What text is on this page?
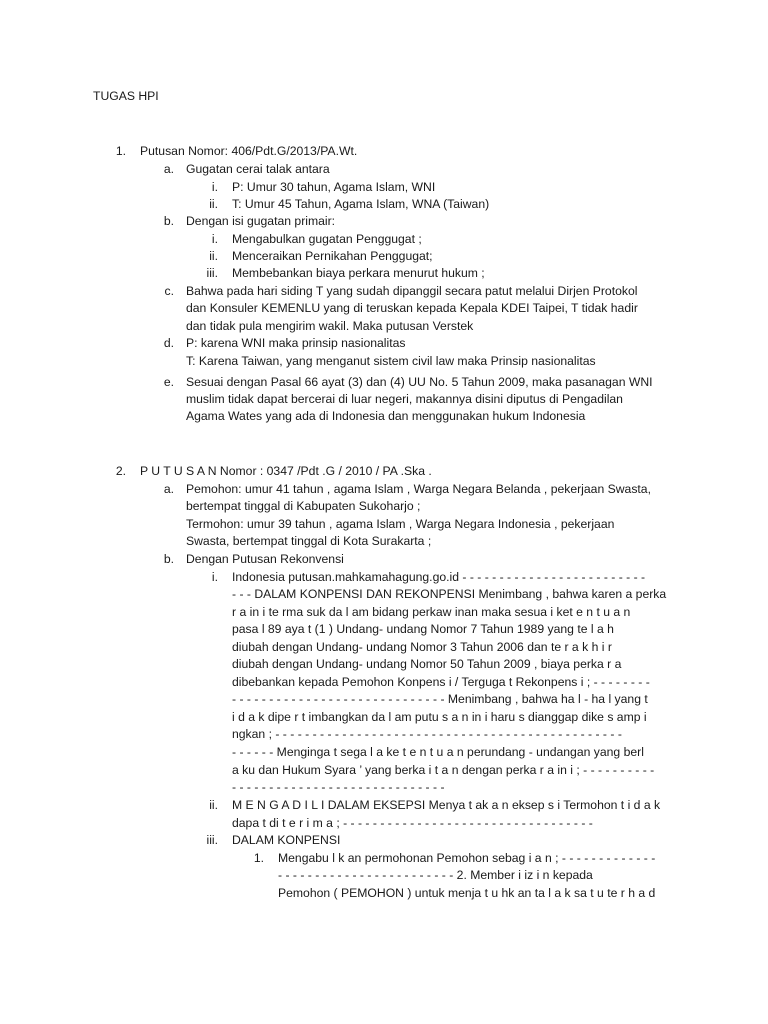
TUGAS HPI
1. Putusan Nomor: 406/Pdt.G/2013/PA.Wt.
a. Gugatan cerai talak antara
i. P: Umur 30 tahun, Agama Islam, WNI
ii. T: Umur 45 Tahun, Agama Islam, WNA (Taiwan)
b. Dengan isi gugatan primair:
i. Mengabulkan gugatan Penggugat ;
ii. Menceraikan Pernikahan Penggugat;
iii. Membebankan biaya perkara menurut hukum ;
c. Bahwa pada hari siding T yang sudah dipanggil secara patut melalui Dirjen Protokol
dan Konsuler KEMENLU yang di teruskan kepada Kepala KDEI Taipei, T tidak hadir
dan tidak pula mengirim wakil. Maka putusan Verstek
d. P: karena WNI maka prinsip nasionalitas
T: Karena Taiwan, yang menganut sistem civil law maka Prinsip nasionalitas
e. Sesuai dengan Pasal 66 ayat (3) dan (4) UU No. 5 Tahun 2009, maka pasanagan WNI
muslim tidak dapat bercerai di luar negeri, makannya disini diputus di Pengadilan
Agama Wates yang ada di Indonesia dan menggunakan hukum Indonesia
2. P U T U S A N Nomor : 0347 /Pdt .G / 2010 / PA .Ska .
a. Pemohon: umur 41 tahun , agama Islam , Warga Negara Belanda , pekerjaan Swasta,
bertempat tinggal di Kabupaten Sukoharjo ;
Termohon: umur 39 tahun , agama Islam , Warga Negara Indonesia , pekerjaan
Swasta, bertempat tinggal di Kota Surakarta ;
b. Dengan Putusan Rekonvensi
i. Indonesia putusan.mahkamahagung.go.id - - - - - - - - - - - - - - - - - - - - - - - - -
- - - DALAM KONPENSI DAN REKONPENSI Menimbang , bahwa karen a perka
r a in i te rma suk da l am bidang perkaw inan maka sesua i ket e n t u a n
pasa l 89 aya t (1 ) Undang- undang Nomor 7 Tahun 1989 yang te l a h
diubah dengan Undang- undang Nomor 3 Tahun 2006 dan te r a k h i r
diubah dengan Undang- undang Nomor 50 Tahun 2009 , biaya perka r a
dibebankan kepada Pemohon Konpens i / Terguga t Rekonpens i ; - - - - - - - -
- - - - - - - - - - - - - - - - - - - - - - - - - - - - - Menimbang , bahwa ha l - ha l yang t
i d a k dipe r t imbangkan da l am putu s a n in i haru s dianggap dike s amp i
ngkan ; - - - - - - - - - - - - - - - - - - - - - - - - - - - - - - - - - - - - - - - - - - - - - - -
- - - - - - Menginga t sega l a ke t e n t u a n perundang - undangan yang berl
a ku dan Hukum Syara ’ yang berka i t a n dengan perka r a in i ; - - - - - - - - - -
- - - - - - - - - - - - - - - - - - - - - - - - - - - - -
ii. M E N G A D I L I DALAM EKSEPSI Menya t ak a n eksep s i Termohon t i d a k
dapa t di t e r i m a ; - - - - - - - - - - - - - - - - - - - - - - - - - - - - - - - - - -
iii. DALAM KONPENSI
1. Mengabu l k an permohonan Pemohon sebag i a n ; - - - - - - - - - - - - -
- - - - - - - - - - - - - - - - - - - - - - - - 2. Member i iz i n kepada
Pemohon ( PEMOHON ) untuk menja t u hk an ta l a k sa t u te r h a d
